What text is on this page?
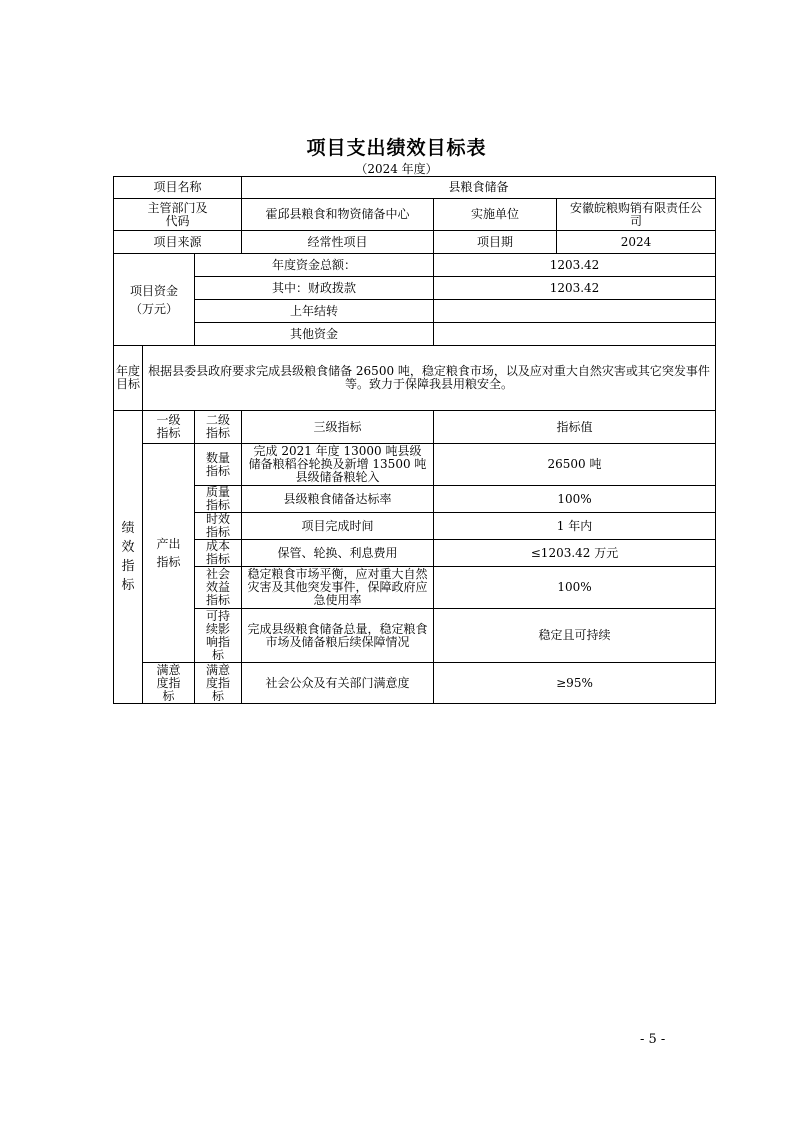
项目支出绩效目标表
（2024 年度）
项目名称			县粮食储备		
主管部门及代码			霍邱县粮食和物资储备中心	实施单位	安徽皖粮购销有限责任公司
项目来源			经常性项目	项目期	2024
项目资金
（万元）		年度资金总额：		1203.42	
		其中：财政拨款		1203.42	
		上年结转			
		其他资金			
年度目标	根据县委县政府要求完成县级粮食储备 26500 吨，稳定粮食市场，以及应对重大自然灾害或其它突发事件等。致力于保障我县用粮安全。				
绩效指标	一级指标	二级指标	三级指标	指标值	
	产出指标	数量指标	完成 2021 年度 13000 吨县级储备粮稻谷轮换及新增 13500 吨县级储备粮轮入	26500 吨	
		质量指标	县级粮食储备达标率	100%	
		时效指标	项目完成时间	1 年内	
		成本指标	保管、轮换、利息费用	≤1203.42 万元	
		社会效益指标	稳定粮食市场平衡，应对重大自然灾害及其他突发事件，保障政府应急使用率	100%	
		可持续影响指标	完成县级粮食储备总量，稳定粮食市场及储备粮后续保障情况	稳定且可持续	
	满意度指标	满意度指标	社会公众及有关部门满意度	≥95%	
- 5 -
